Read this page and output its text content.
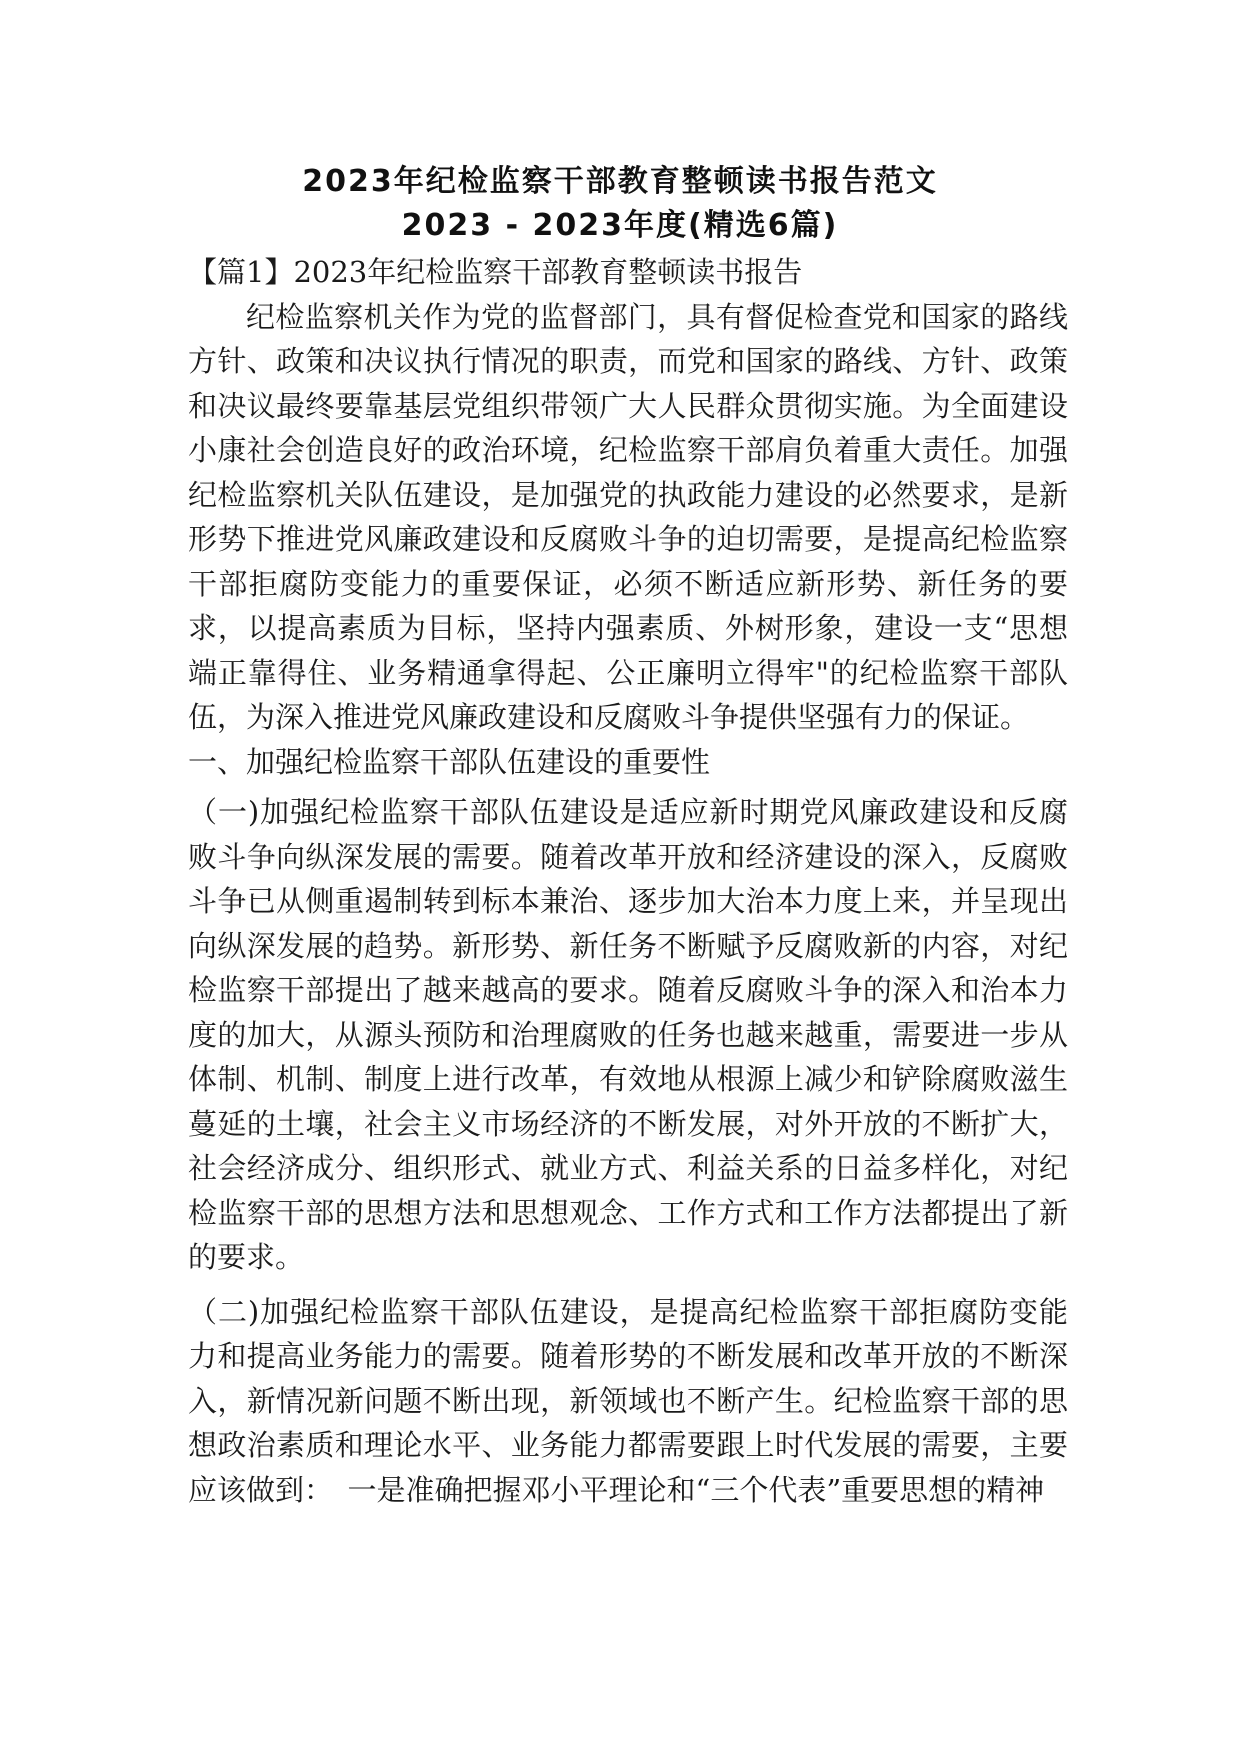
2023年纪检监察干部教育整顿读书报告范文
2023 - 2023年度(精选6篇)
【篇1】2023年纪检监察干部教育整顿读书报告

纪检监察机关作为党的监督部门，具有督促检查党和国家的路线方针、政策和决议执行情况的职责，而党和国家的路线、方针、政策和决议最终要靠基层党组织带领广大人民群众贯彻实施。为全面建设小康社会创造良好的政治环境，纪检监察干部肩负着重大责任。加强纪检监察机关队伍建设，是加强党的执政能力建设的必然要求，是新形势下推进党风廉政建设和反腐败斗争的迫切需要，是提高纪检监察干部拒腐防变能力的重要保证，必须不断适应新形势、新任务的要求，以提高素质为目标，坚持内强素质、外树形象，建设一支“思想端正靠得住、业务精通拿得起、公正廉明立得牢"的纪检监察干部队伍，为深入推进党风廉政建设和反腐败斗争提供坚强有力的保证。

一、加强纪检监察干部队伍建设的重要性

（一)加强纪检监察干部队伍建设是适应新时期党风廉政建设和反腐败斗争向纵深发展的需要。随着改革开放和经济建设的深入，反腐败斗争已从侧重遏制转到标本兼治、逐步加大治本力度上来，并呈现出向纵深发展的趋势。新形势、新任务不断赋予反腐败新的内容，对纪检监察干部提出了越来越高的要求。随着反腐败斗争的深入和治本力度的加大，从源头预防和治理腐败的任务也越来越重，需要进一步从体制、机制、制度上进行改革，有效地从根源上减少和铲除腐败滋生蔓延的土壤，社会主义市场经济的不断发展，对外开放的不断扩大，社会经济成分、组织形式、就业方式、利益关系的日益多样化，对纪 检监察干部的思想方法和思想观念、工作方式和工作方法都提出了新 的要求。

（二)加强纪检监察干部队伍建设，是提高纪检监察干部拒腐防变能力和提高业务能力的需要。随着形势的不断发展和改革开放的不断深入，新情况新问题不断出现，新领域也不断产生。纪检监察干部的思想政治素质和理论水平、业务能力都需要跟上时代发展的需要，主要应该做到：　一是准确把握邓小平理论和“三个代表”重要思想的精神
